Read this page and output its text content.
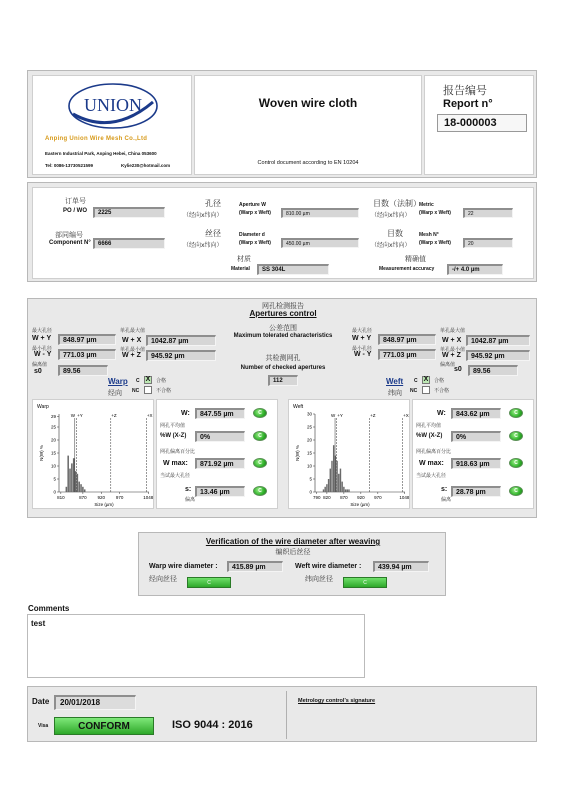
UNION
Anping Union Wire Mesh Co.,Ltd
Eastern Industrial Park, Anping Hebei, China 053600
Tel: 0086-13730521599	Kylie230@hotmail.com
Woven wire cloth
Control document according to EN 10204
报告编号
Report n°
18-000003
订单号
PO / WO	2225
部同编号
Component N°	6666
孔径
（经向x纬向）
Aperture W
(Warp x Weft)	810.00 µm
丝径
（经向x纬向）
Diameter d
(Warp x Weft)	450.00 µm
目数（法制）
（经向x纬向）
Metric
(Warp x Weft)	22
目数
（经向x纬向）
Mesh N°
(Warp x Weft)	20
材质
Material	SS 304L
精确值
Measurement accuracy	-/+ 4.0 µm
网孔检测报告
Apertures control
公差范围
Maximum tolerated characteristics
共检测网孔
Number of checked apertures
112
最大孔径
W + Y	848.97 µm
最小孔径
W - Y	771.03 µm
偏离值
s0	89.56
单孔最大值
W + X	1042.87 µm
单孔最小值
W + Z	945.92 µm
Warp
经向
C X	合格
NC	不合格
最大孔径
W + Y	848.97 µm
最小孔径
W - Y	771.03 µm
单孔最大值
W + X	1042.87 µm
单孔最小值
W + Z	945.92 µm
偏离值
s0	89.56
Weft
纬向
C X	合格
NC	不合格
Warp
0
5
10
15
20
25
29
810	870 920 970	1048
Size (µm)
N(W) %
W +Y	+Z	+X	W:	847.55 µm	C
网孔平均值
%W (X-Z)	0%	C
网孔偏离百分比
W max:	871.92 µm	C
当试最大孔径
s:	13.46 µm	C
偏离
Weft
0
5
10
15
20
25
30
790 820 870 920 970	1048
Size (µm)
N(W) %
W +Y	+Z	+X	W:	843.62 µm	C
网孔平均值
%W (X-Z)	0%	C
网孔偏离百分比
W max:	918.63 µm	C
当试最大孔径
s:	28.78 µm	C
偏离
Verification of the wire diameter after weaving
编织后丝径
Warp wire diameter :	415.89 µm
经向丝径	C
Weft wire diameter :	439.94 µm
纬向丝径	C
Comments
test
Date	20/01/2018
Visa	CONFORM	ISO 9044 : 2016
Metrology control's signature
